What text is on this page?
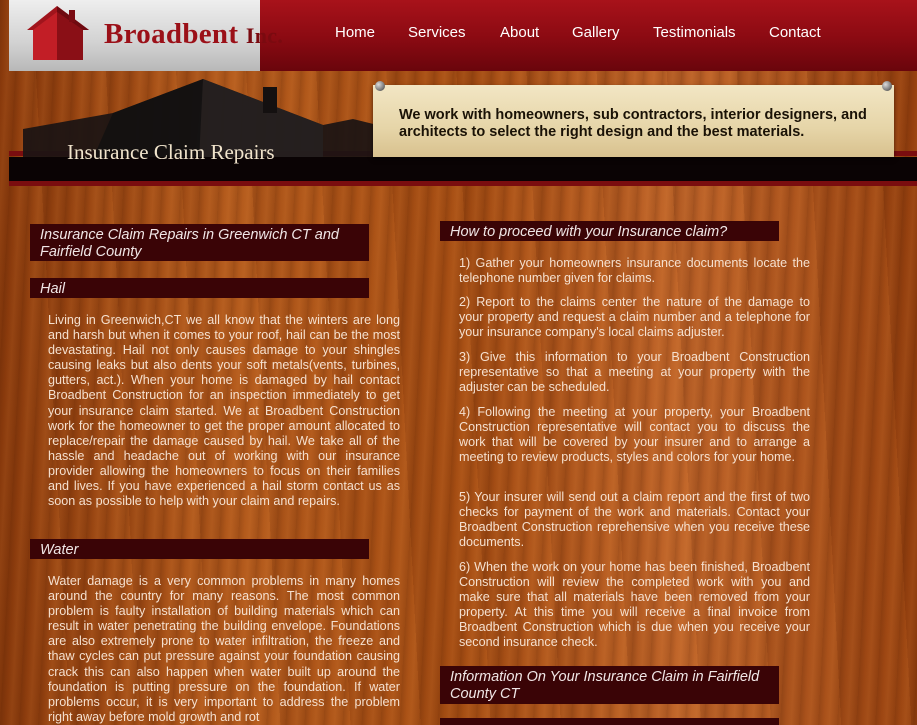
Broadbent Inc.	Home Services About Gallery Testimonials Contact
Insurance Claim Repairs
We work with homeowners, sub contractors, interior designers, and architects to select the right design and the best materials.
Insurance Claim Repairs in Greenwich CT and Fairfield County
Hail

Living in Greenwich,CT we all know that the winters are long and harsh but when it comes to your roof, hail can be the most devastating. Hail not only causes damage to your shingles causing leaks but also dents your soft metals(vents, turbines, gutters, act.). When your home is damaged by hail contact Broadbent Construction for an inspection immediately to get your insurance claim started. We at Broadbent Construction work for the homeowner to get the proper amount allocated to replace/repair the damage caused by hail. We take all of the hassle and headache out of working with our insurance provider allowing the homeowners to focus on their families and lives. If you have experienced a hail storm contact us as soon as possible to help with your claim and repairs.

Water

Water damage is a very common problems in many homes around the country for many reasons. The most common problem is faulty installation of building materials which can result in water penetrating the building envelope. Foundations are also extremely prone to water infiltration, the freeze and thaw cycles can put pressure against your foundation causing crack this can also happen when water built up around the foundation is putting pressure on the foundation. If water problems occur, it is very important to address the problem right away before mold growth and rot

How to proceed with your Insurance claim?

1) Gather your homeowners insurance documents locate the telephone number given for claims.

2) Report to the claims center the nature of the damage to your property and request a claim number and a telephone for your insurance company's local claims adjuster.

3) Give this information to your Broadbent Construction representative so that a meeting at your property with the adjuster can be scheduled.

4) Following the meeting at your property, your Broadbent Construction representative will contact you to discuss the work that will be covered by your insurer and to arrange a meeting to review products, styles and colors for your home.

5) Your insurer will send out a claim report and the first of two checks for payment of the work and materials. Contact your Broadbent Construction reprehensive when you receive these documents.

6) When the work on your home has been finished, Broadbent Construction will review the completed work with you and make sure that all materials have been removed from your property. At this time you will receive a final invoice from Broadbent Construction which is due when you receive your second insurance check.

Information On Your Insurance Claim in Fairfield County CT
